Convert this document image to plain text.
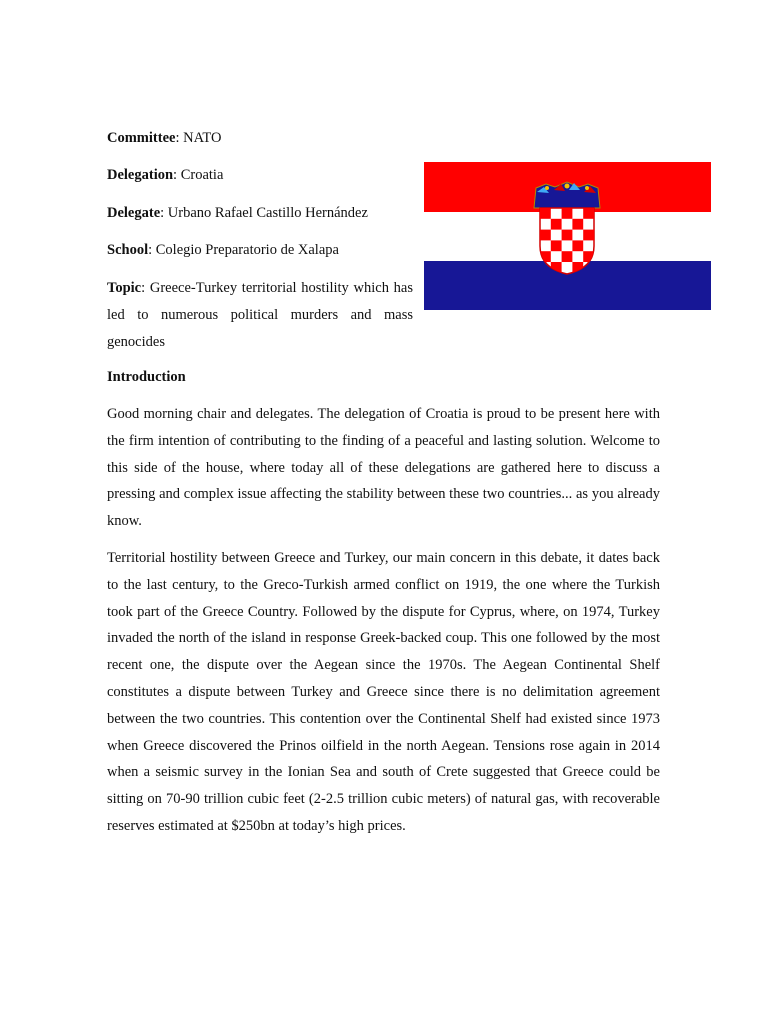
Committee: NATO

Delegation: Croatia

Delegate: Urbano Rafael Castillo Hernández

School: Colegio Preparatorio de Xalapa

Topic: Greece-Turkey territorial hostility which has led to numerous political murders and mass genocides

Introduction

Good morning chair and delegates. The delegation of Croatia is proud to be present here with the firm intention of contributing to the finding of a peaceful and lasting solution. Welcome to this side of the house, where today all of these delegations are gathered here to discuss a pressing and complex issue affecting the stability between these two countries... as you already know.

Territorial hostility between Greece and Turkey, our main concern in this debate, it dates back to the last century, to the Greco-Turkish armed conflict on 1919, the one where the Turkish took part of the Greece Country. Followed by the dispute for Cyprus, where, on 1974, Turkey invaded the north of the island in response Greek-backed coup. This one followed by the most recent one, the dispute over the Aegean since the 1970s. The Aegean Continental Shelf constitutes a dispute between Turkey and Greece since there is no delimitation agreement between the two countries. This contention over the Continental Shelf had existed since 1973 when Greece discovered the Prinos oilfield in the north Aegean. Tensions rose again in 2014 when a seismic survey in the Ionian Sea and south of Crete suggested that Greece could be sitting on 70-90 trillion cubic feet (2-2.5 trillion cubic meters) of natural gas, with recoverable reserves estimated at $250bn at today’s high prices.
